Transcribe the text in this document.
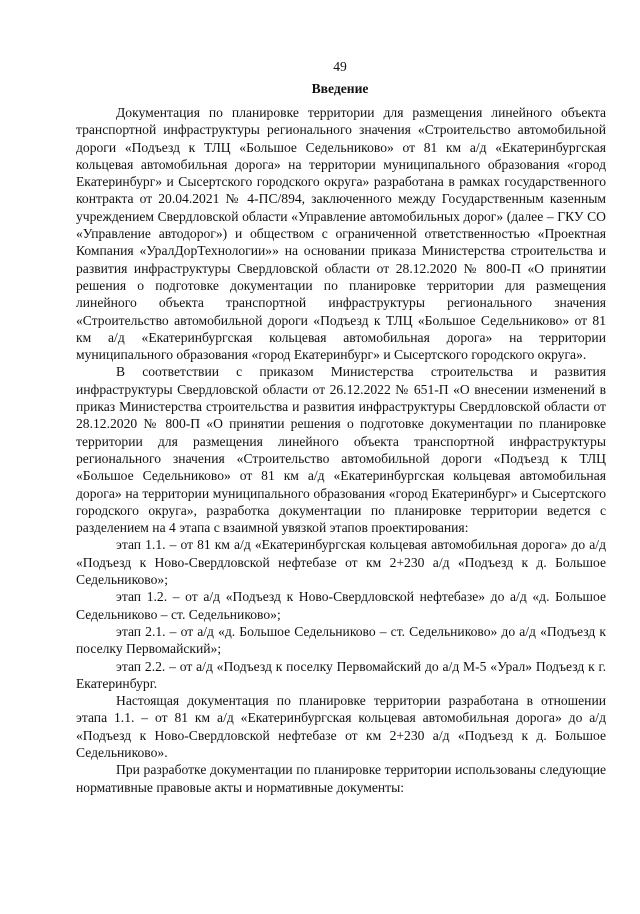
49
Введение

Документация по планировке территории для размещения линейного объекта транспортной инфраструктуры регионального значения «Строительство автомобильной дороги «Подъезд к ТЛЦ «Большое Седельниково» от 81 км а/д «Екатеринбургская кольцевая автомобильная дорога» на территории муниципального образования «город Екатеринбург» и Сысертского городского округа» разработана в рамках государственного контракта от 20.04.2021 № 4-ПС/894, заключенного между Государственным казенным учреждением Свердловской области «Управление автомобильных дорог» (далее – ГКУ СО «Управление автодорог») и обществом с ограниченной ответственностью «Проектная Компания «УралДорТехнологии»» на основании приказа Министерства строительства и развития инфраструктуры Свердловской области от 28.12.2020 № 800-П «О принятии решения о подготовке документации по планировке территории для размещения линейного объекта транспортной инфраструктуры регионального значения «Строительство автомобильной дороги «Подъезд к ТЛЦ «Большое Седельниково» от 81 км а/д «Екатеринбургская кольцевая автомобильная дорога» на территории муниципального образования «город Екатеринбург» и Сысертского городского округа».

В соответствии с приказом Министерства строительства и развития инфраструктуры Свердловской области от 26.12.2022 № 651-П «О внесении изменений в приказ Министерства строительства и развития инфраструктуры Свердловской области от 28.12.2020 № 800-П «О принятии решения о подготовке документации по планировке территории для размещения линейного объекта транспортной инфраструктуры регионального значения «Строительство автомобильной дороги «Подъезд к ТЛЦ «Большое Седельниково» от 81 км а/д «Екатеринбургская кольцевая автомобильная дорога» на территории муниципального образования «город Екатеринбург» и Сысертского городского округа», разработка документации по планировке территории ведется с разделением на 4 этапа с взаимной увязкой этапов проектирования:

этап 1.1. – от 81 км а/д «Екатеринбургская кольцевая автомобильная дорога» до а/д «Подъезд к Ново-Свердловской нефтебазе от км 2+230 а/д «Подъезд к д. Большое Седельниково»;

этап 1.2. – от а/д «Подъезд к Ново-Свердловской нефтебазе» до а/д «д. Большое Седельниково – ст. Седельниково»;

этап 2.1. – от а/д «д. Большое Седельниково – ст. Седельниково» до а/д «Подъезд к поселку Первомайский»;

этап 2.2. – от а/д «Подъезд к поселку Первомайский до а/д М-5 «Урал» Подъезд к г. Екатеринбург.

Настоящая документация по планировке территории разработана в отношении этапа 1.1. – от 81 км а/д «Екатеринбургская кольцевая автомобильная дорога» до а/д «Подъезд к Ново-Свердловской нефтебазе от км 2+230 а/д «Подъезд к д. Большое Седельниково».

При разработке документации по планировке территории использованы следующие нормативные правовые акты и нормативные документы:
